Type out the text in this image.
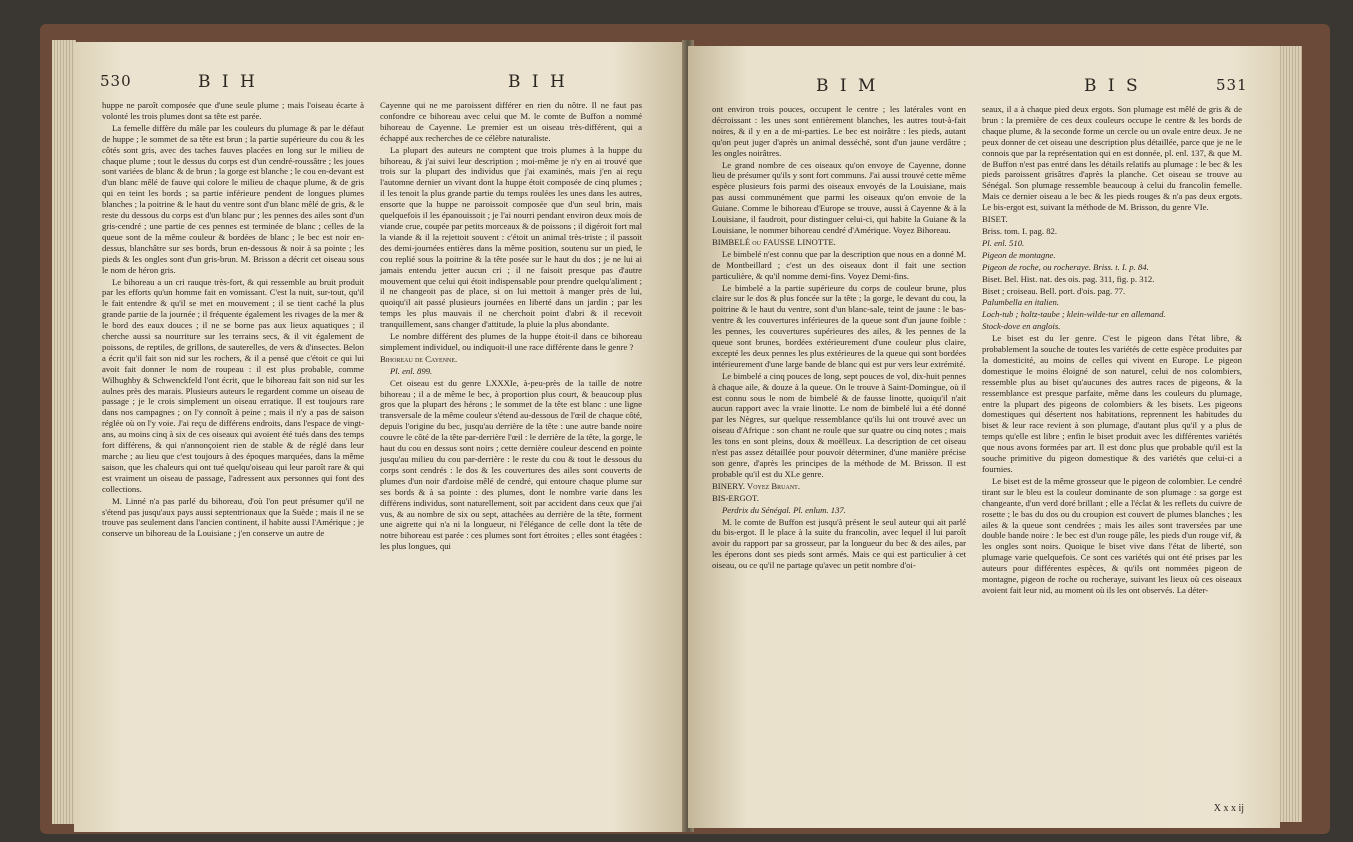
530	B I H	B I H

huppe ne paroît composée que d'une seule plume ; mais l'oiseau écarte à volonté les trois plumes dont sa tête est parée.

La femelle diffère du mâle par les couleurs du plumage & par le défaut de huppe ; le sommet de sa tête est brun ; la partie supérieure du cou & les côtés sont gris, avec des taches fauves placées en long sur le milieu de chaque plume ; tout le dessus du corps est d'un cendré-roussâtre ; les joues sont variées de blanc & de brun ; la gorge est blanche ; le cou en-devant est d'un blanc mêlé de fauve qui colore le milieu de chaque plume, & de gris qui en teint les bords ; sa partie inférieure pendent de longues plumes blanches ; la poitrine & le haut du ventre sont d'un blanc mêlé de gris, & le reste du dessous du corps est d'un blanc pur ; les pennes des ailes sont d'un gris-cendré ; une partie de ces pennes est terminée de blanc ; celles de la queue sont de la même couleur & bordées de blanc ; le bec est noir en-dessus, blanchâtre sur ses bords, brun en-dessous & noir à sa pointe ; les pieds & les ongles sont d'un gris-brun. M. Brisson a décrit cet oiseau sous le nom de héron gris.

Le bihoreau a un cri rauque très-fort, & qui ressemble au bruit produit par les efforts qu'un homme fait en vomissant. C'est la nuit, sur-tout, qu'il le fait entendre & qu'il se met en mouvement ; il se tient caché la plus grande partie de la journée ; il fréquente également les rivages de la mer & le bord des eaux douces ; il ne se borne pas aux lieux aquatiques ; il cherche aussi sa nourriture sur les terrains secs, & il vit également de poissons, de reptiles, de grillons, de sauterelles, de vers & d'insectes. Belon a écrit qu'il fait son nid sur les rochers, & il a pensé que c'étoit ce qui lui avoit fait donner le nom de roupeau : il est plus probable, comme Wilhughby & Schwenckfeld l'ont écrit, que le bihoreau fait son nid sur les aulnes près des marais. Plusieurs auteurs le regardent comme un oiseau de passage ; je le crois simplement un oiseau erratique. Il est toujours rare dans nos campagnes ; on l'y connoît à peine ; mais il n'y a pas de saison réglée où on l'y voie. J'ai reçu de différens endroits, dans l'espace de vingt-ans, au moins cinq à six de ces oiseaux qui avoient été tués dans des temps fort différens, & qui n'annonçoient rien de stable & de réglé dans leur marche ; au lieu que c'est toujours à des époques marquées, dans la même saison, que les chaleurs qui ont tué quelqu'oiseau qui leur paroît rare & qui est vraiment un oiseau de passage, l'adressent aux personnes qui font des collections.

M. Linné n'a pas parlé du bihoreau, d'où l'on peut présumer qu'il ne s'étend pas jusqu'aux pays aussi septentrionaux que la Suède ; mais il ne se trouve pas seulement dans l'ancien continent, il habite aussi l'Amérique ; je conserve un bihoreau de la Louisiane ; j'en conserve un autre de

Cayenne qui ne me paroissent différer en rien du nôtre. Il ne faut pas confondre ce bihoreau avec celui que M. le comte de Buffon a nommé bihoreau de Cayenne. Le premier est un oiseau très-différent, qui a échappé aux recherches de ce célèbre naturaliste.

La plupart des auteurs ne comptent que trois plumes à la huppe du bihoreau, & j'ai suivi leur description ; moi-même je n'y en ai trouvé que trois sur la plupart des individus que j'ai examinés, mais j'en ai reçu l'automne dernier un vivant dont la huppe étoit composée de cinq plumes ; il les tenoit la plus grande partie du temps roulées les unes dans les autres, ensorte que la huppe ne paroissoit composée que d'un seul brin, mais quelquefois il les épanouissoit ; je l'ai nourri pendant environ deux mois de viande crue, coupée par petits morceaux & de poissons ; il digéroit fort mal la viande & il la rejettoit souvent : c'étoit un animal très-triste ; il passoit des demi-journées entières dans la même position, soutenu sur un pied, le cou replié sous la poitrine & la tête posée sur le haut du dos ; je ne lui ai jamais entendu jetter aucun cri ; il ne faisoit presque pas d'autre mouvement que celui qui étoit indispensable pour prendre quelqu'aliment ; il ne changeoit pas de place, si on lui mettoit à manger près de lui, quoiqu'il ait passé plusieurs journées en liberté dans un jardin ; par les temps les plus mauvais il ne cherchoit point d'abri & il recevoit tranquillement, sans changer d'attitude, la pluie la plus abondante.

Le nombre différent des plumes de la huppe étoit-il dans ce bihoreau simplement individuel, ou indiquoit-il une race différente dans le genre ?

Bihoreau de Cayenne.

Pl. enl. 899.

Cet oiseau est du genre LXXXIe, à-peu-près de la taille de notre bihoreau ; il a de même le bec, à proportion plus court, & beaucoup plus gros que la plupart des hérons ; le sommet de la tête est blanc : une ligne transversale de la même couleur s'étend au-dessous de l'œil de chaque côté, depuis l'origine du bec, jusqu'au derrière de la tête : une autre bande noire couvre le côté de la tête par-derrière l'œil : le derrière de la tête, la gorge, le haut du cou en dessus sont noirs ; cette dernière couleur descend en pointe jusqu'au milieu du cou par-derrière : le reste du cou & tout le dessous du corps sont cendrés : le dos & les couvertures des ailes sont couverts de plumes d'un noir d'ardoise mêlé de cendré, qui entoure chaque plume sur ses bords & à sa pointe : des plumes, dont le nombre varie dans les différens individus, sont naturellement, soit par accident dans ceux que j'ai vus, & au nombre de six ou sept, attachées au derrière de la tête, forment une aigrette qui n'a ni la longueur, ni l'élégance de celle dont la tête de notre bihoreau est parée : ces plumes sont fort étroites ; elles sont étagées : les plus longues, qui

B I M	B I S	531

ont environ trois pouces, occupent le centre ; les latérales vont en décroissant : les unes sont entièrement blanches, les autres tout-à-fait noires, & il y en a de mi-parties. Le bec est noirâtre : les pieds, autant qu'on peut juger d'après un animal desséché, sont d'un jaune verdâtre ; les ongles noirâtres.

Le grand nombre de ces oiseaux qu'on envoye de Cayenne, donne lieu de présumer qu'ils y sont fort communs. J'ai aussi trouvé cette même espèce plusieurs fois parmi des oiseaux envoyés de la Louisiane, mais pas aussi communément que parmi les oiseaux qu'on envoie de la Guiane. Comme le bihoreau d'Europe se trouve, aussi à Cayenne & à la Louisiane, il faudroit, pour distinguer celui-ci, qui habite la Guiane & la Louisiane, le nommer bihoreau cendré d'Amérique. Voyez Bihoreau.

BIMBELÉ ou FAUSSE LINOTTE.

Le bimbelé n'est connu que par la description que nous en a donné M. de Montbeillard ; c'est un des oiseaux dont il fait une section particulière, & qu'il nomme demi-fins. Voyez Demi-fins.

Le bimbelé a la partie supérieure du corps de couleur brune, plus claire sur le dos & plus foncée sur la tête ; la gorge, le devant du cou, la poitrine & le haut du ventre, sont d'un blanc-sale, teint de jaune : le bas-ventre & les couvertures inférieures de la queue sont d'un jaune foible : les pennes, les couvertures supérieures des ailes, & les pennes de la queue sont brunes, bordées extérieurement d'une couleur plus claire, excepté les deux pennes les plus extérieures de la queue qui sont bordées intérieurement d'une large bande de blanc qui est pur vers leur extrémité.

Le bimbelé a cinq pouces de long, sept pouces de vol, dix-huit pennes à chaque aile, & douze à la queue. On le trouve à Saint-Domingue, où il est connu sous le nom de bimbelé & de fausse linotte, quoiqu'il n'ait aucun rapport avec la vraie linotte. Le nom de bimbelé lui a été donné par les Nègres, sur quelque ressemblance qu'ils lui ont trouvé avec un oiseau d'Afrique : son chant ne roule que sur quatre ou cinq notes ; mais les tons en sont pleins, doux & moëlleux. La description de cet oiseau n'est pas assez détaillée pour pouvoir déterminer, d'une manière précise son genre, d'après les principes de la méthode de M. Brisson. Il est probable qu'il est du XLe genre.

BINERY. Voyez Bruant.

BIS-ERGOT.

Perdrix du Sénégal. Pl. enlum. 137.

M. le comte de Buffon est jusqu'à présent le seul auteur qui ait parlé du bis-ergot. Il le place à la suite du francolin, avec lequel il lui paroît avoir du rapport par sa grosseur, par la longueur du bec & des ailes, par les éperons dont ses pieds sont armés. Mais ce qui est particulier à cet oiseau, ou ce qu'il ne partage qu'avec un petit nombre d'oi-

seaux, il a à chaque pied deux ergots. Son plumage est mêlé de gris & de brun : la première de ces deux couleurs occupe le centre & les bords de chaque plume, & la seconde forme un cercle ou un ovale entre deux. Je ne peux donner de cet oiseau une description plus détaillée, parce que je ne le connois que par la représentation qui en est donnée, pl. enl. 137, & que M. de Buffon n'est pas entré dans les détails relatifs au plumage : le bec & les pieds paroissent grisâtres d'après la planche. Cet oiseau se trouve au Sénégal. Son plumage ressemble beaucoup à celui du francolin femelle. Mais ce dernier oiseau a le bec & les pieds rouges & n'a pas deux ergots. Le bis-ergot est, suivant la méthode de M. Brisson, du genre VIe.

BISET.

Briss. tom. I. pag. 82.

Pl. enl. 510.

Pigeon de montagne.

Pigeon de roche, ou rocheraye. Briss. t. I. p. 84.

Biset. Bel. Hist. nat. des ois. pag. 311, fig. p. 312.

Biset ; croiseau. Bell. port. d'ois. pag. 77.

Palumbella en italien.

Loch-tub ; holtz-taube ; klein-wilde-tur en allemand.

Stock-dove en anglois.

Le biset est du Ier genre. C'est le pigeon dans l'état libre, & probablement la souche de toutes les variétés de cette espèce produites par la domesticité, au moins de celles qui vivent en Europe. Le pigeon domestique le moins éloigné de son naturel, celui de nos colombiers, ressemble plus au biset qu'aucunes des autres races de pigeons, & la ressemblance est presque parfaite, même dans les couleurs du plumage, entre la plupart des pigeons de colombiers & les bisets. Les pigeons domestiques qui désertent nos habitations, reprennent les habitudes du biset & leur race revient à son plumage, d'autant plus qu'il y a plus de temps qu'elle est libre ; enfin le biset produit avec les différentes variétés que nous avons formées par art. Il est donc plus que probable qu'il est la souche primitive du pigeon domestique & des variétés que celui-ci a fournies.

Le biset est de la même grosseur que le pigeon de colombier. Le cendré tirant sur le bleu est la couleur dominante de son plumage : sa gorge est changeante, d'un verd doré brillant ; elle a l'éclat & les reflets du cuivre de rosette ; le bas du dos ou du croupion est couvert de plumes blanches ; les ailes & la queue sont cendrées ; mais les ailes sont traversées par une double bande noire : le bec est d'un rouge pâle, les pieds d'un rouge vif, & les ongles sont noirs. Quoique le biset vive dans l'état de liberté, son plumage varie quelquefois. Ce sont ces variétés qui ont été prises par les auteurs pour différentes espèces, & qu'ils ont nommées pigeon de montagne, pigeon de roche ou rocheraye, suivant les lieux où ces oiseaux avoient fait leur nid, au moment où ils les ont observés. La déter-

X x x ij
